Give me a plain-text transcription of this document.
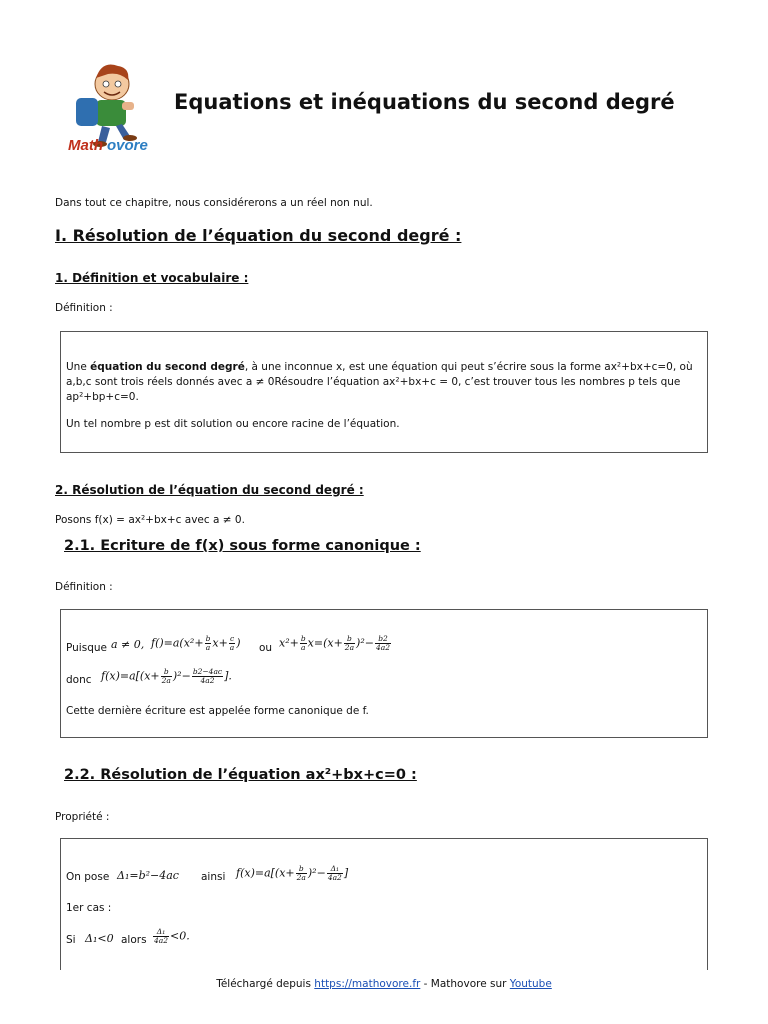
Math ovore
Equations et inéquations du second degré
Dans tout ce chapitre, nous considérerons a un réel non nul.
I. Résolution de l’équation du second degré :
1. Définition et vocabulaire :
Définition :

Une équation du second degré, à une inconnue x, est une équation qui peut s’écrire sous la forme ax²+bx+c=0, où

a,b,c sont trois réels donnés avec a ≠ 0Résoudre l’équation ax²+bx+c = 0, c’est trouver tous les nombres p tels que

ap²+bp+c=0.

Un tel nombre p est dit solution ou encore racine de l’équation.

2. Résolution de l’équation du second degré :
Posons f(x) = ax²+bx+c avec a ≠ 0.
2.1. Ecriture de f(x) sous forme canonique :
Définition :
Puisque a ≠ 0, $f()=a(x^2+ \frac{b}{a} x+ \frac{c}{a}$ ) ou $x^2+ \frac{b}{a} x=(x+ \frac{b}{2a} )^2- \frac{b2}{4a2}$
donc $f(x)=a[(x+ \frac{b}{2a} )^2- \frac{b2-4ac}{4a2}$ ].
Cette dernière écriture est appelée forme canonique de f.
2.2. Résolution de l’équation ax²+bx+c=0 :
Propriété :
On pose Δ₁=b²−4ac ainsi $f(x)=a[(x+ \frac{b}{2a} )^2- \frac{\text{Δ₁}}{4a2}$ ]
1er cas :
Si Δ₁<0 alors $\frac{\text{Δ₁}}{4a2} <0$.
Téléchargé depuis https://mathovore.fr - Mathovore sur Youtube
